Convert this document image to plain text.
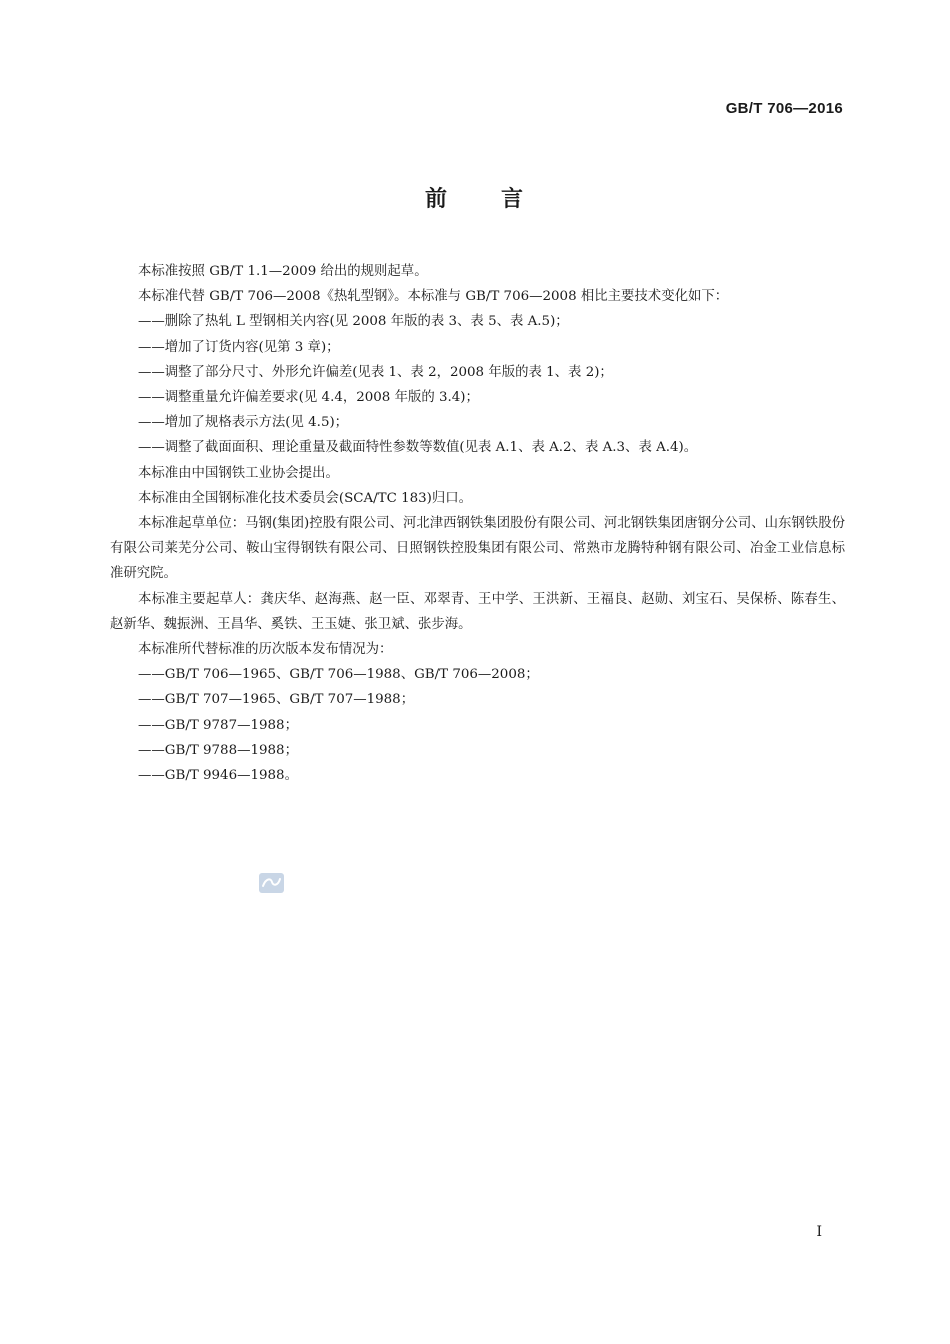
GB/T 706—2016
前 言

本标准按照 GB/T 1.1—2009 给出的规则起草。

本标准代替 GB/T 706—2008《热轧型钢》。本标准与 GB/T 706—2008 相比主要技术变化如下：

——删除了热轧 L 型钢相关内容(见 2008 年版的表 3、表 5、表 A.5)；

——增加了订货内容(见第 3 章)；

——调整了部分尺寸、外形允许偏差(见表 1、表 2，2008 年版的表 1、表 2)；

——调整重量允许偏差要求(见 4.4，2008 年版的 3.4)；

——增加了规格表示方法(见 4.5)；

——调整了截面面积、理论重量及截面特性参数等数值(见表 A.1、表 A.2、表 A.3、表 A.4)。

本标准由中国钢铁工业协会提出。

本标准由全国钢标准化技术委员会(SCA/TC 183)归口。

本标准起草单位：马钢(集团)控股有限公司、河北津西钢铁集团股份有限公司、河北钢铁集团唐钢分公司、山东钢铁股份有限公司莱芜分公司、鞍山宝得钢铁有限公司、日照钢铁控股集团有限公司、常熟市龙腾特种钢有限公司、冶金工业信息标准研究院。

本标准主要起草人：龚庆华、赵海燕、赵一臣、邓翠青、王中学、王洪新、王福良、赵勋、刘宝石、吴保桥、陈春生、赵新华、魏振洲、王昌华、奚铁、王玉婕、张卫斌、张步海。

本标准所代替标准的历次版本发布情况为：

——GB/T 706—1965、GB/T 706—1988、GB/T 706—2008；

——GB/T 707—1965、GB/T 707—1988；

——GB/T 9787—1988；

——GB/T 9788—1988；

——GB/T 9946—1988。

I
